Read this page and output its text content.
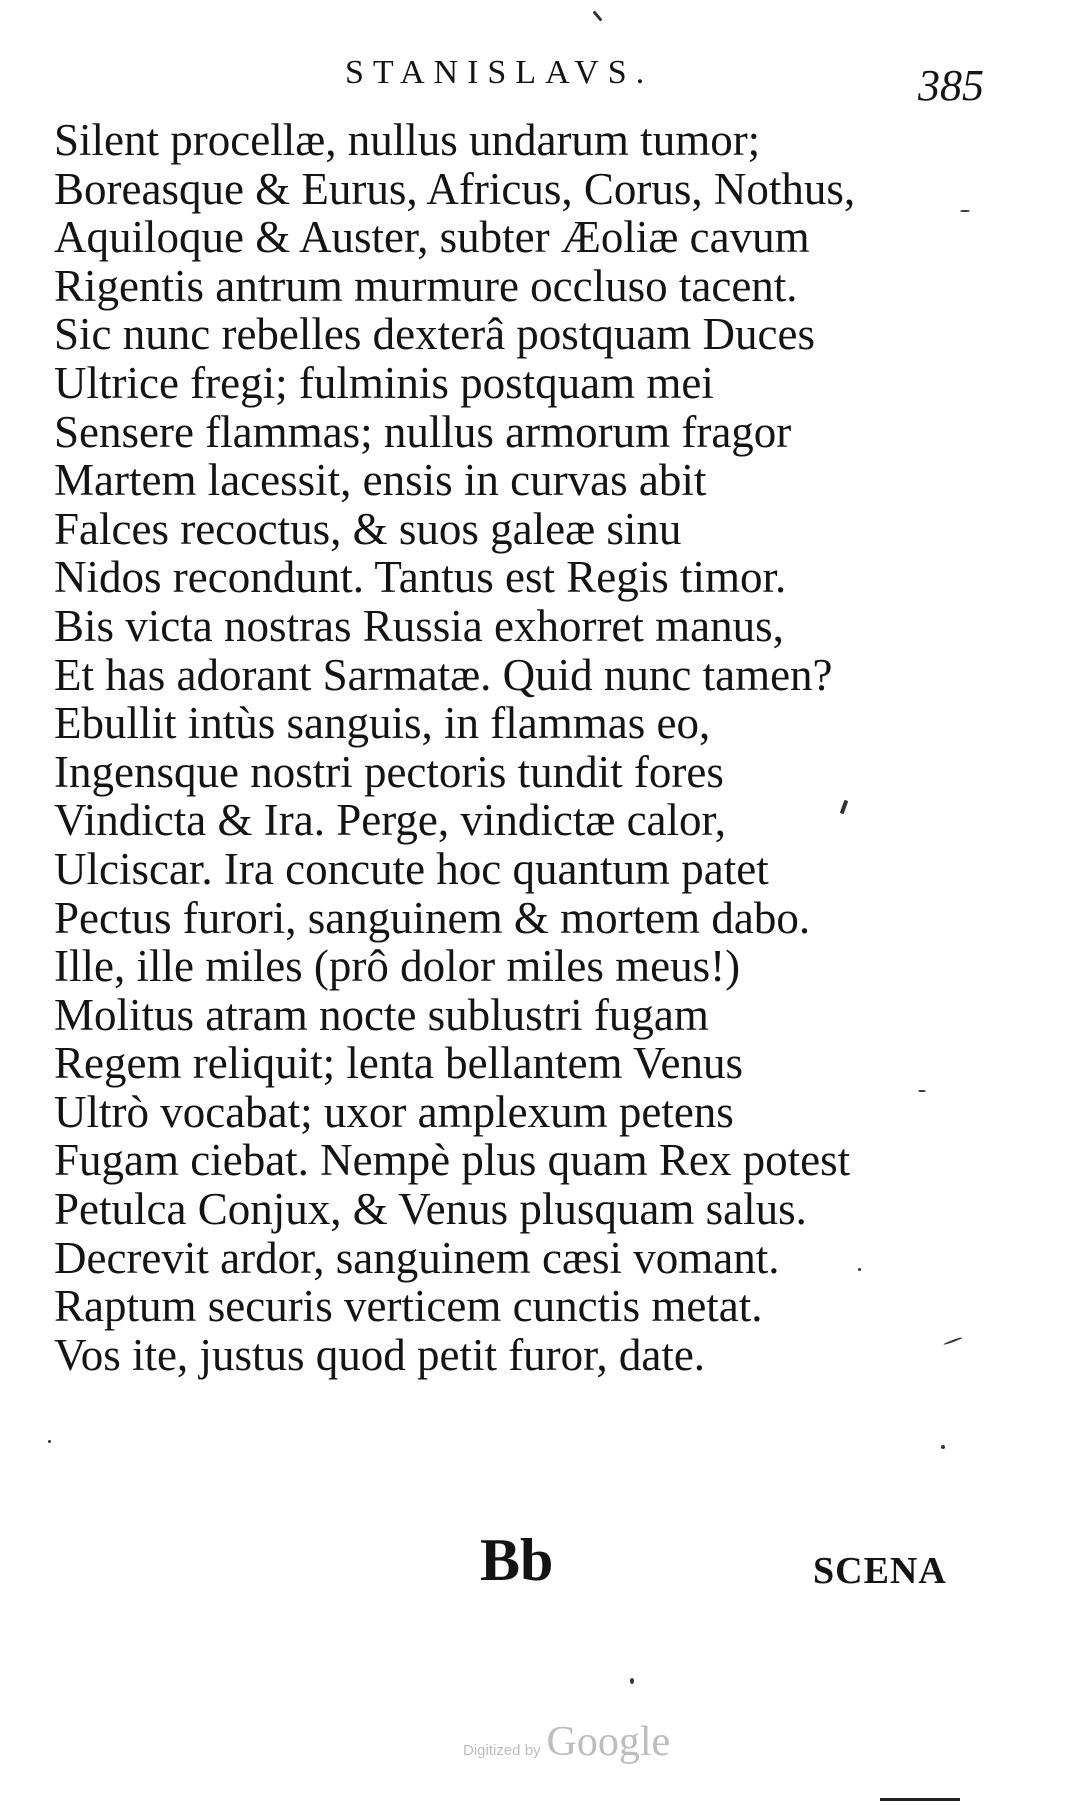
STANISLAVS.	385
Silent procellæ, nullus undarum tumor;
Boreasque & Eurus, Africus, Corus, Nothus,
Aquiloque & Auster, subter Æoliæ cavum
Rigentis antrum murmure occluso tacent.
Sic nunc rebelles dexterâ postquam Duces
Ultrice fregi; fulminis postquam mei
Sensere flammas; nullus armorum fragor
Martem lacessit, ensis in curvas abit
Falces recoctus, & suos galeæ sinu
Nidos recondunt. Tantus est Regis timor.
Bis victa nostras Russia exhorret manus,
Et has adorant Sarmatæ. Quid nunc tamen?
Ebullit intùs sanguis, in flammas eo,
Ingensque nostri pectoris tundit fores
Vindicta & Ira. Perge, vindictæ calor,
Ulciscar. Ira concute hoc quantum patet
Pectus furori, sanguinem & mortem dabo.
Ille, ille miles (prô dolor miles meus!)
Molitus atram nocte sublustri fugam
Regem reliquit; lenta bellantem Venus
Ultrò vocabat; uxor amplexum petens
Fugam ciebat. Nempè plus quam Rex potest
Petulca Conjux, & Venus plusquam salus.
Decrevit ardor, sanguinem cæsi vomant.
Raptum securis verticem cunctis metat.
Vos ite, justus quod petit furor, date.
Bb	SCENA
Digitized by Google
